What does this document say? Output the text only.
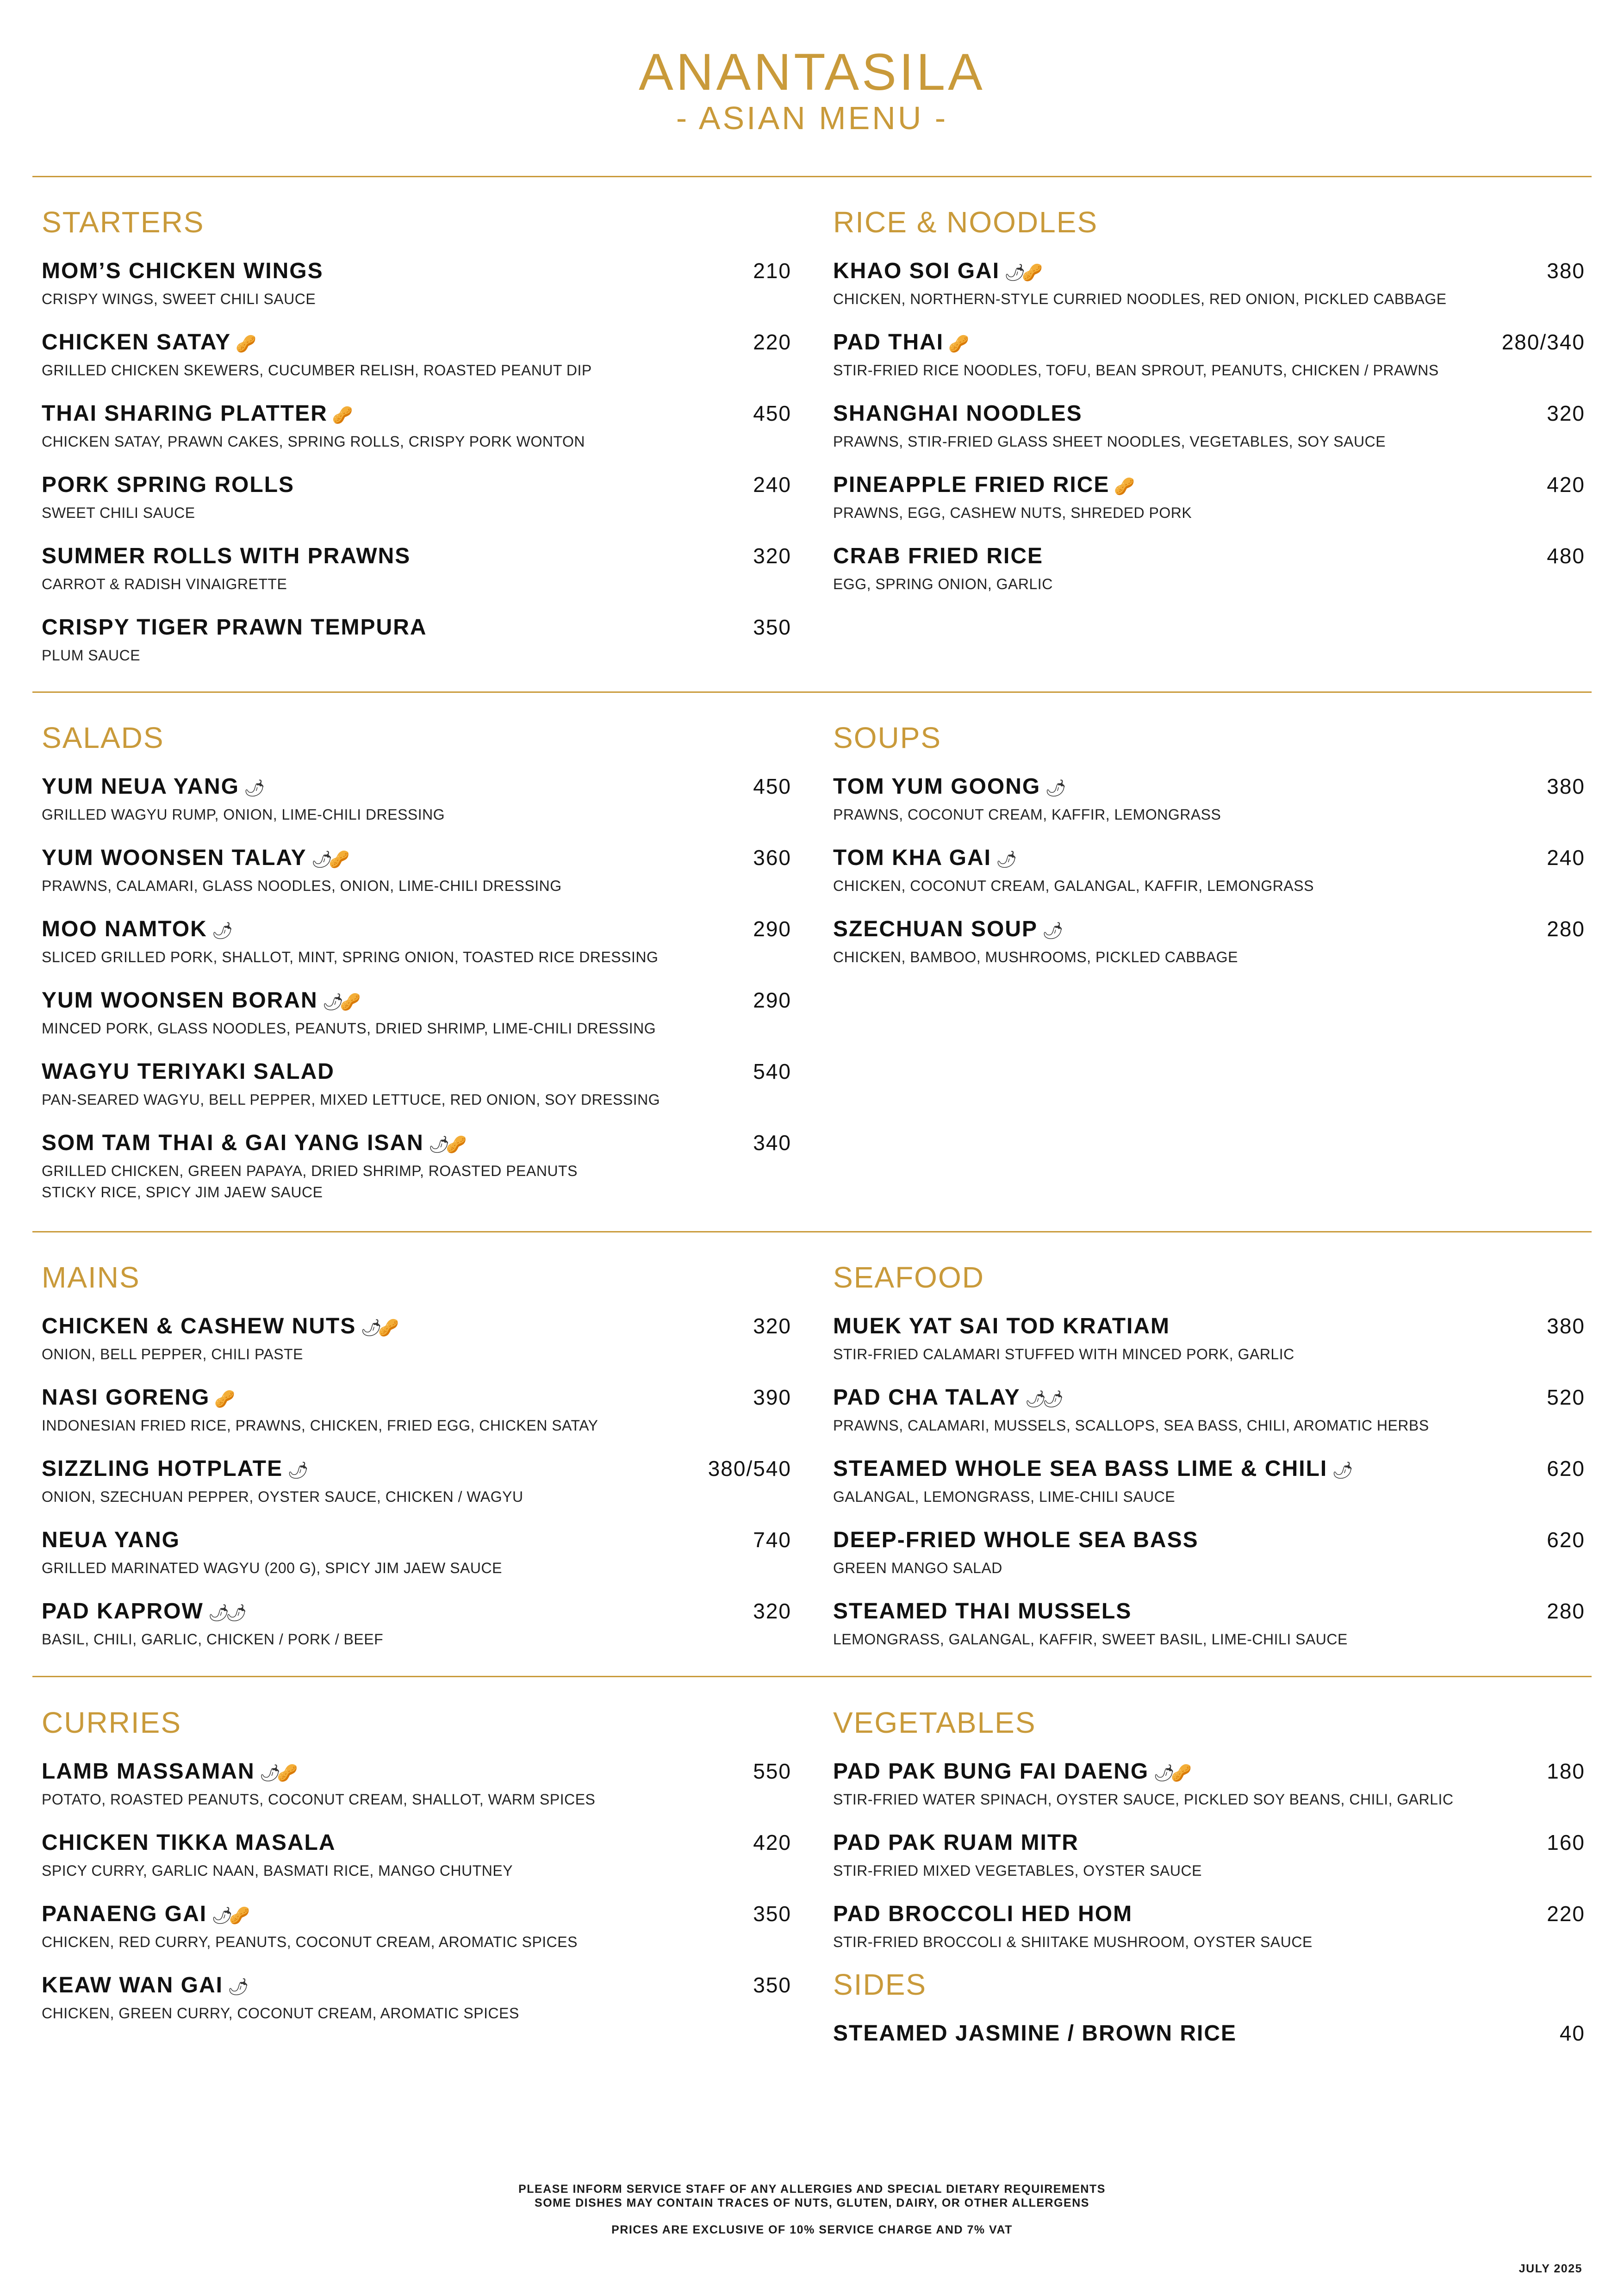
ANANTASILA
- ASIAN MENU -
STARTERS
MOM’S CHICKEN WINGS	210
CRISPY WINGS, SWEET CHILI SAUCE
CHICKEN SATAY 🥜	220
GRILLED CHICKEN SKEWERS, CUCUMBER RELISH, ROASTED PEANUT DIP
THAI SHARING PLATTER 🥜	450
CHICKEN SATAY, PRAWN CAKES, SPRING ROLLS, CRISPY PORK WONTON
PORK SPRING ROLLS	240
SWEET CHILI SAUCE
SUMMER ROLLS WITH PRAWNS	320
CARROT & RADISH VINAIGRETTE
CRISPY TIGER PRAWN TEMPURA	350
PLUM SAUCE
RICE & NOODLES
KHAO SOI GAI 🌶🥜	380
CHICKEN, NORTHERN-STYLE CURRIED NOODLES, RED ONION, PICKLED CABBAGE
PAD THAI 🥜	280/340
STIR-FRIED RICE NOODLES, TOFU, BEAN SPROUT, PEANUTS, CHICKEN / PRAWNS
SHANGHAI NOODLES	320
PRAWNS, STIR-FRIED GLASS SHEET NOODLES, VEGETABLES, SOY SAUCE
PINEAPPLE FRIED RICE 🥜	420
PRAWNS, EGG, CASHEW NUTS, SHREDED PORK
CRAB FRIED RICE	480
EGG, SPRING ONION, GARLIC
SALADS
YUM NEUA YANG 🌶	450
GRILLED WAGYU RUMP, ONION, LIME-CHILI DRESSING
YUM WOONSEN TALAY 🌶🥜	360
PRAWNS, CALAMARI, GLASS NOODLES, ONION, LIME-CHILI DRESSING
MOO NAMTOK 🌶	290
SLICED GRILLED PORK, SHALLOT, MINT, SPRING ONION, TOASTED RICE DRESSING
YUM WOONSEN BORAN 🌶🥜	290
MINCED PORK, GLASS NOODLES, PEANUTS, DRIED SHRIMP, LIME-CHILI DRESSING
WAGYU TERIYAKI SALAD	540
PAN-SEARED WAGYU, BELL PEPPER, MIXED LETTUCE, RED ONION, SOY DRESSING
SOM TAM THAI & GAI YANG ISAN 🌶🥜	340
GRILLED CHICKEN, GREEN PAPAYA, DRIED SHRIMP, ROASTED PEANUTS
STICKY RICE, SPICY JIM JAEW SAUCE
SOUPS
TOM YUM GOONG 🌶	380
PRAWNS, COCONUT CREAM, KAFFIR, LEMONGRASS
TOM KHA GAI 🌶	240
CHICKEN, COCONUT CREAM, GALANGAL, KAFFIR, LEMONGRASS
SZECHUAN SOUP 🌶	280
CHICKEN, BAMBOO, MUSHROOMS, PICKLED CABBAGE
MAINS
CHICKEN & CASHEW NUTS 🌶🥜	320
ONION, BELL PEPPER, CHILI PASTE
NASI GORENG 🥜	390
INDONESIAN FRIED RICE, PRAWNS, CHICKEN, FRIED EGG, CHICKEN SATAY
SIZZLING HOTPLATE 🌶	380/540
ONION, SZECHUAN PEPPER, OYSTER SAUCE, CHICKEN / WAGYU
NEUA YANG	740
GRILLED MARINATED WAGYU (200 G), SPICY JIM JAEW SAUCE
PAD KAPROW 🌶🌶	320
BASIL, CHILI, GARLIC, CHICKEN / PORK / BEEF
SEAFOOD
MUEK YAT SAI TOD KRATIAM	380
STIR-FRIED CALAMARI STUFFED WITH MINCED PORK, GARLIC
PAD CHA TALAY 🌶🌶	520
PRAWNS, CALAMARI, MUSSELS, SCALLOPS, SEA BASS, CHILI, AROMATIC HERBS
STEAMED WHOLE SEA BASS LIME & CHILI 🌶	620
GALANGAL, LEMONGRASS, LIME-CHILI SAUCE
DEEP-FRIED WHOLE SEA BASS	620
GREEN MANGO SALAD
STEAMED THAI MUSSELS	280
LEMONGRASS, GALANGAL, KAFFIR, SWEET BASIL, LIME-CHILI SAUCE
CURRIES
LAMB MASSAMAN 🌶🥜	550
POTATO, ROASTED PEANUTS, COCONUT CREAM, SHALLOT, WARM SPICES
CHICKEN TIKKA MASALA	420
SPICY CURRY, GARLIC NAAN, BASMATI RICE, MANGO CHUTNEY
PANAENG GAI 🌶🥜	350
CHICKEN, RED CURRY, PEANUTS, COCONUT CREAM, AROMATIC SPICES
KEAW WAN GAI 🌶	350
CHICKEN, GREEN CURRY, COCONUT CREAM, AROMATIC SPICES
VEGETABLES
PAD PAK BUNG FAI DAENG 🌶🥜	180
STIR-FRIED WATER SPINACH, OYSTER SAUCE, PICKLED SOY BEANS, CHILI, GARLIC
PAD PAK RUAM MITR	160
STIR-FRIED MIXED VEGETABLES, OYSTER SAUCE
PAD BROCCOLI HED HOM	220
STIR-FRIED BROCCOLI & SHIITAKE MUSHROOM, OYSTER SAUCE
SIDES
STEAMED JASMINE / BROWN RICE	40
PLEASE INFORM SERVICE STAFF OF ANY ALLERGIES AND SPECIAL DIETARY REQUIREMENTS
SOME DISHES MAY CONTAIN TRACES OF NUTS, GLUTEN, DAIRY, OR OTHER ALLERGENS
PRICES ARE EXCLUSIVE OF 10% SERVICE CHARGE AND 7% VAT
JULY 2025
